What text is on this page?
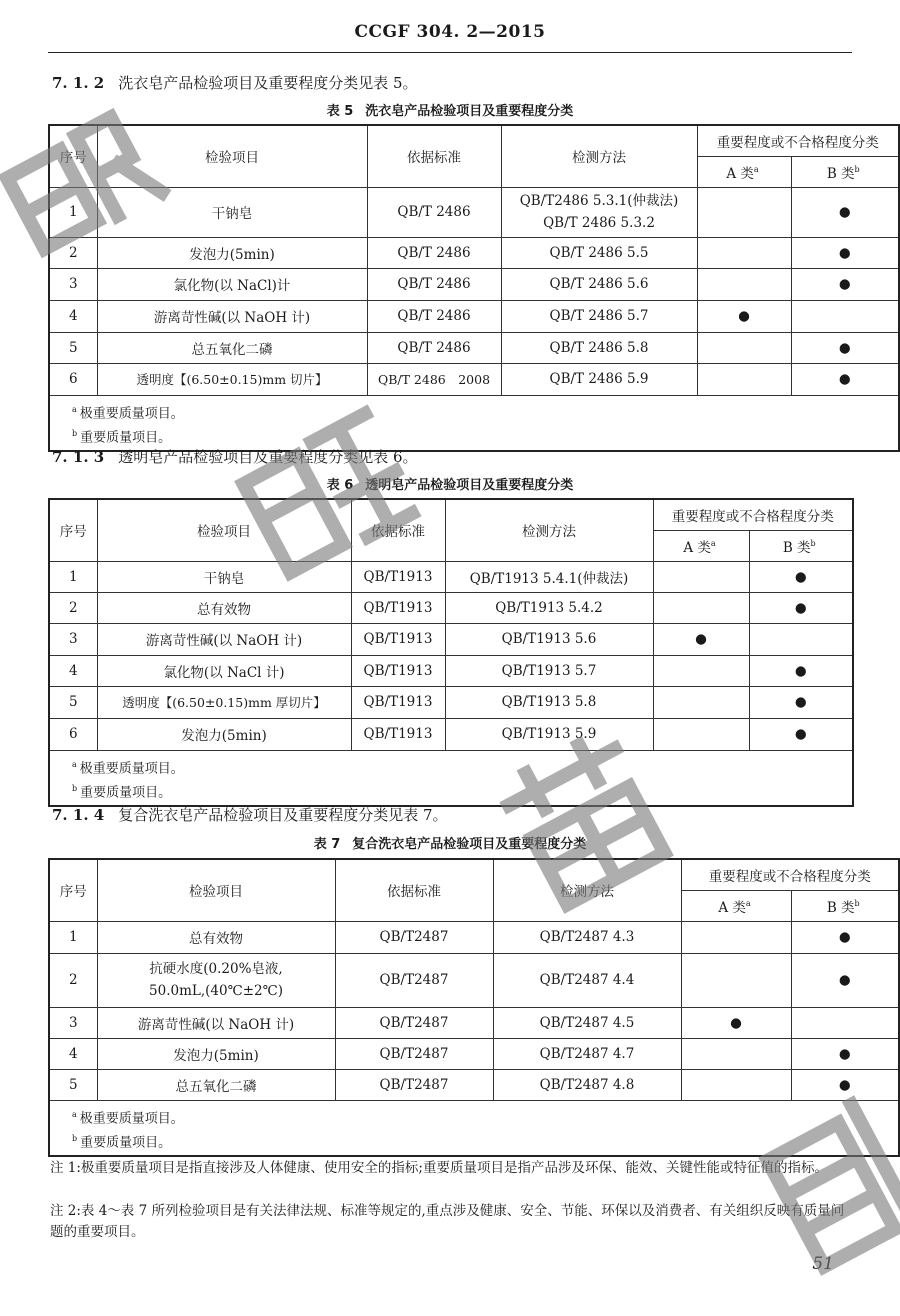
CCGF 304. 2—2015
7. 1. 2 洗衣皂产品检验项目及重要程度分类见表 5。
表 5 洗衣皂产品检验项目及重要程度分类
序号	检验项目	依据标准	检测方法	重要程度或不合格程度分类	
				A 类$^a$	B 类$^b$
1	干钠皂	QB/T 2486	QB/T2486 5.3.1(仲裁法)
QB/T 2486 5.3.2		●
2	发泡力(5min)	QB/T 2486	QB/T 2486 5.5		●
3	氯化物(以 NaCl)计	QB/T 2486	QB/T 2486 5.6		●
4	游离苛性碱(以 NaOH 计)	QB/T 2486	QB/T 2486 5.7	●	
5	总五氧化二磷	QB/T 2486	QB/T 2486 5.8		●
6	透明度【(6.50±0.15)mm 切片】	QB/T 2486　2008	QB/T 2486 5.9		●

$^a$ 极重要质量项目。
$^b$ 重要质量项目。					
7. 1. 3 透明皂产品检验项目及重要程度分类见表 6。
表 6 透明皂产品检验项目及重要程度分类
序号	检验项目	依据标准	检测方法	重要程度或不合格程度分类	
				A 类$^a$	B 类$^b$
1	干钠皂	QB/T1913	QB/T1913 5.4.1(仲裁法)		●
2	总有效物	QB/T1913	QB/T1913 5.4.2		●
3	游离苛性碱(以 NaOH 计)	QB/T1913	QB/T1913 5.6	●	
4	氯化物(以 NaCl 计)	QB/T1913	QB/T1913 5.7		●
5	透明度【(6.50±0.15)mm 厚切片】	QB/T1913	QB/T1913 5.8		●
6	发泡力(5min)	QB/T1913	QB/T1913 5.9		●

$^a$ 极重要质量项目。
$^b$ 重要质量项目。					
7. 1. 4 复合洗衣皂产品检验项目及重要程度分类见表 7。
表 7 复合洗衣皂产品检验项目及重要程度分类
序号	检验项目	依据标准	检测方法	重要程度或不合格程度分类	
				A 类$^a$	B 类$^b$
1	总有效物	QB/T2487	QB/T2487 4.3		●
2	抗硬水度(0.20%皂液,
50.0mL,(40℃±2℃)	QB/T2487	QB/T2487 4.4		●
3	游离苛性碱(以 NaOH 计)	QB/T2487	QB/T2487 4.5	●	
4	发泡力(5min)	QB/T2487	QB/T2487 4.7		●
5	总五氧化二磷	QB/T2487	QB/T2487 4.8		●

$^a$ 极重要质量项目。
$^b$ 重要质量项目。					
注 1:极重要质量项目是指直接涉及人体健康、使用安全的指标;重要质量项目是指产品涉及环保、能效、关键性能或特征值的指标。
注 2:表 4～表 7 所列检验项目是有关法律法规、标准等规定的,重点涉及健康、安全、节能、环保以及消费者、有关组织反映有质量问题的重要项目。
51
